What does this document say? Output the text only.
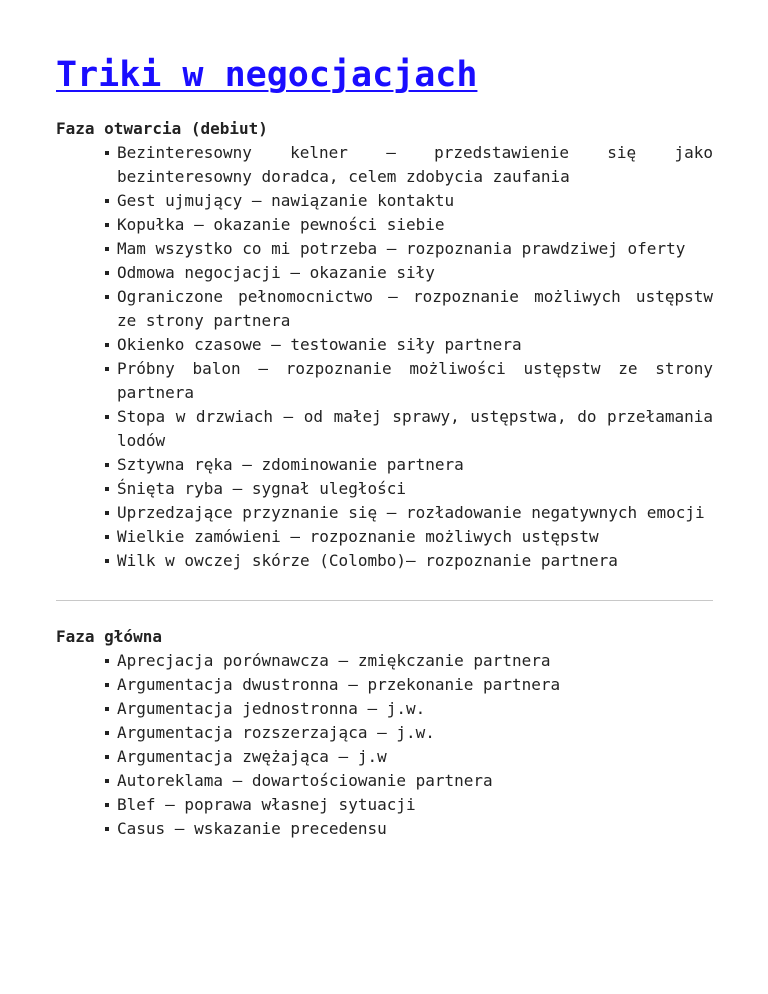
Triki w negocjacjach
Faza otwarcia (debiut)
Bezinteresowny kelner – przedstawienie się jako bezinteresowny doradca, celem zdobycia zaufania
Gest ujmujący – nawiązanie kontaktu
Kopułka – okazanie pewności siebie
Mam wszystko co mi potrzeba – rozpoznania prawdziwej oferty
Odmowa negocjacji – okazanie siły
Ograniczone pełnomocnictwo – rozpoznanie możliwych ustępstw ze strony partnera
Okienko czasowe – testowanie siły partnera
Próbny balon – rozpoznanie możliwości ustępstw ze strony partnera
Stopa w drzwiach – od małej sprawy, ustępstwa, do przełamania lodów
Sztywna ręka – zdominowanie partnera
Śnięta ryba – sygnał uległości
Uprzedzające przyznanie się – rozładowanie negatywnych emocji
Wielkie zamówieni – rozpoznanie możliwych ustępstw
Wilk w owczej skórze (Colombo)– rozpoznanie partnera
Faza główna
Aprecjacja porównawcza – zmiękczanie partnera
Argumentacja dwustronna – przekonanie partnera
Argumentacja jednostronna – j.w.
Argumentacja rozszerzająca – j.w.
Argumentacja zwężająca – j.w
Autoreklama – dowartościowanie partnera
Blef – poprawa własnej sytuacji
Casus – wskazanie precedensu
